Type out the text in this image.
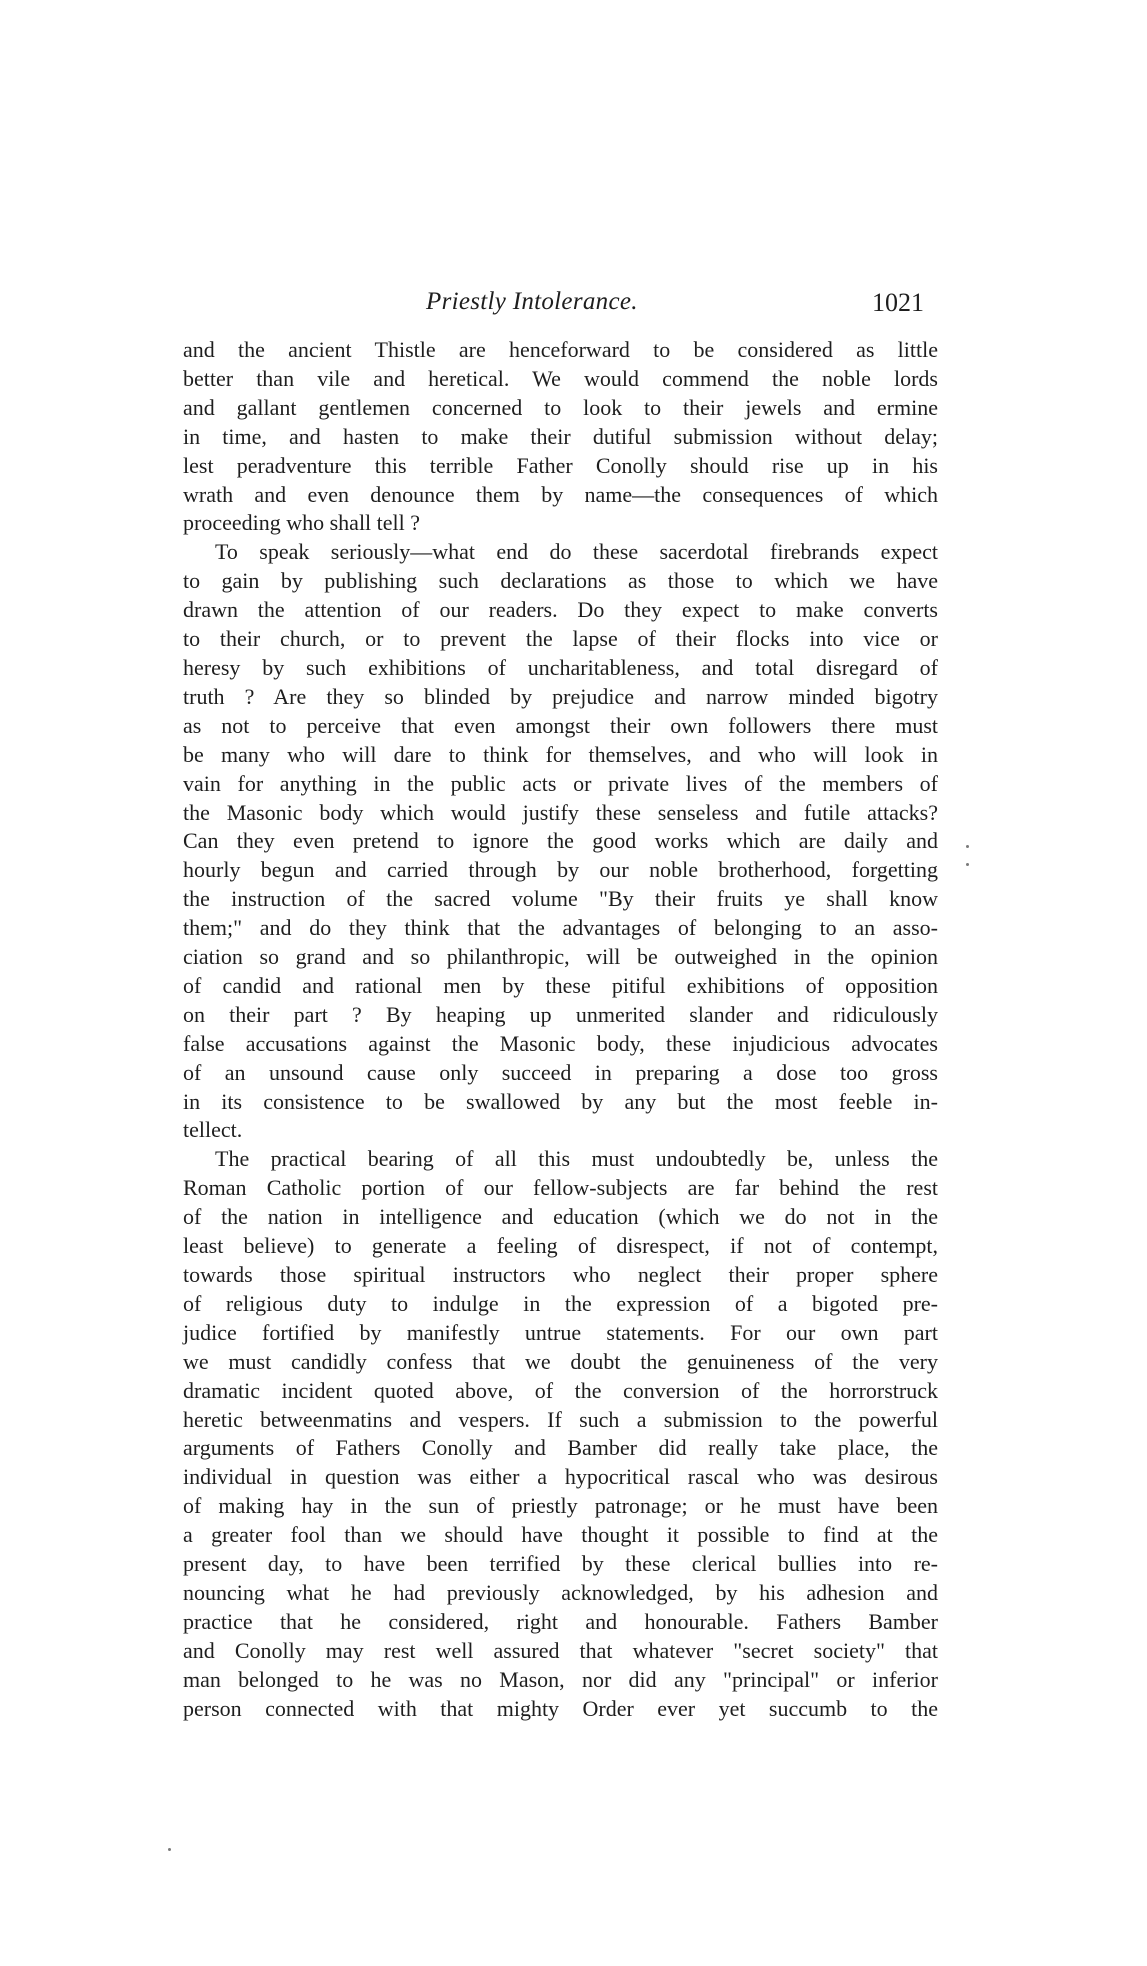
Priestly Intolerance.	1021

and the ancient Thistle are henceforward to be considered as little

better than vile and heretical. We would commend the noble lords

and gallant gentlemen concerned to look to their jewels and ermine

in time, and hasten to make their dutiful submission without delay;

lest peradventure this terrible Father Conolly should rise up in his

wrath and even denounce them by name—the consequences of which

proceeding who shall tell ?

To speak seriously—what end do these sacerdotal firebrands expect

to gain by publishing such declarations as those to which we have

drawn the attention of our readers. Do they expect to make converts

to their church, or to prevent the lapse of their flocks into vice or

heresy by such exhibitions of uncharitableness, and total disregard of

truth ? Are they so blinded by prejudice and narrow minded bigotry

as not to perceive that even amongst their own followers there must

be many who will dare to think for themselves, and who will look in

vain for anything in the public acts or private lives of the members of

the Masonic body which would justify these senseless and futile attacks?

Can they even pretend to ignore the good works which are daily and

hourly begun and carried through by our noble brotherhood, forgetting

the instruction of the sacred volume "By their fruits ye shall know

them;" and do they think that the advantages of belonging to an asso-

ciation so grand and so philanthropic, will be outweighed in the opinion

of candid and rational men by these pitiful exhibitions of opposition

on their part ? By heaping up unmerited slander and ridiculously

false accusations against the Masonic body, these injudicious advocates

of an unsound cause only succeed in preparing a dose too gross

in its consistence to be swallowed by any but the most feeble in-

tellect.

The practical bearing of all this must undoubtedly be, unless the

Roman Catholic portion of our fellow-subjects are far behind the rest

of the nation in intelligence and education (which we do not in the

least believe) to generate a feeling of disrespect, if not of contempt,

towards those spiritual instructors who neglect their proper sphere

of religious duty to indulge in the expression of a bigoted pre-

judice fortified by manifestly untrue statements. For our own part

we must candidly confess that we doubt the genuineness of the very

dramatic incident quoted above, of the conversion of the horrorstruck

heretic betweenmatins and vespers. If such a submission to the powerful

arguments of Fathers Conolly and Bamber did really take place, the

individual in question was either a hypocritical rascal who was desirous

of making hay in the sun of priestly patronage; or he must have been

a greater fool than we should have thought it possible to find at the

present day, to have been terrified by these clerical bullies into re-

nouncing what he had previously acknowledged, by his adhesion and

practice that he considered, right and honourable. Fathers Bamber

and Conolly may rest well assured that whatever "secret society" that

man belonged to he was no Mason, nor did any "principal" or inferior

person connected with that mighty Order ever yet succumb to the
